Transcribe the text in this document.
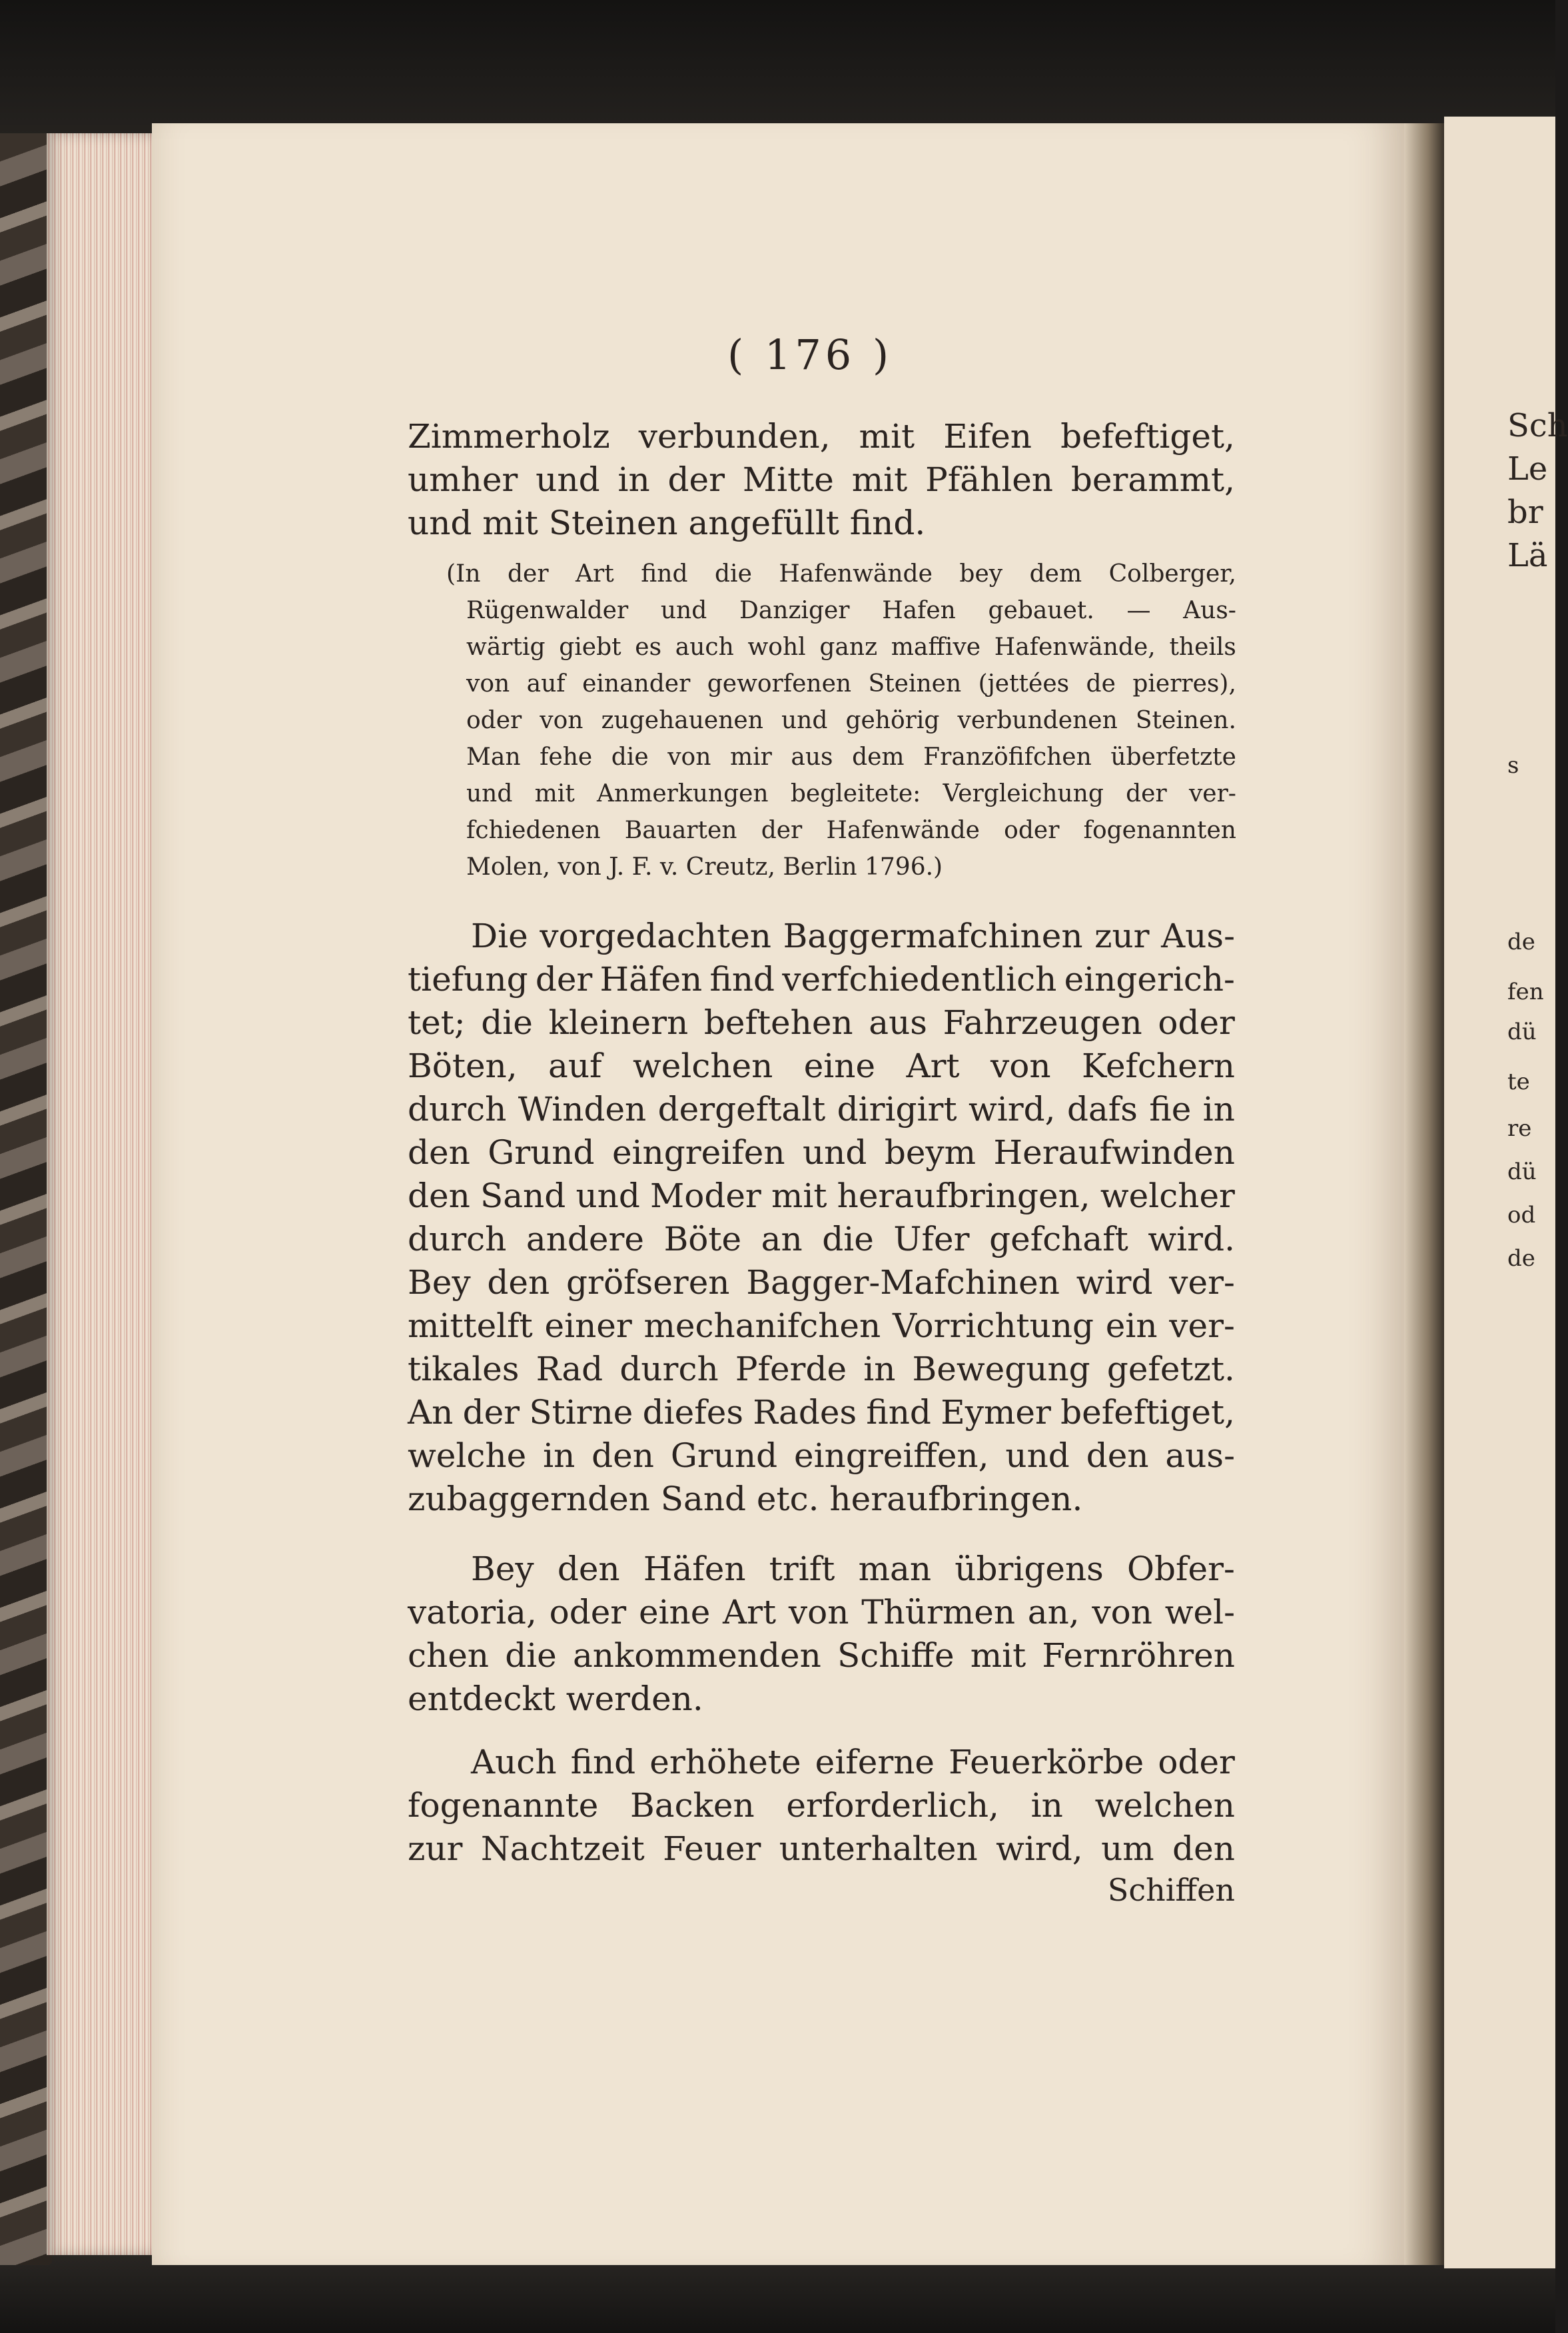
Sch
Le
br
Lä
s
de
fen
dü
te
re
dü
od
de
( 176 )
Zimmerholz verbunden, mit Eifen befeftiget,
umher und in der Mitte mit Pfählen berammt,
und mit Steinen angefüllt find.
(In der Art find die Hafenwände bey dem Colberger,
Rügenwalder und Danziger Hafen gebauet. — Aus-
wärtig giebt es auch wohl ganz maffive Hafenwände, theils
von auf einander geworfenen Steinen (jettées de pierres),
oder von zugehauenen und gehörig verbundenen Steinen.
Man fehe die von mir aus dem Franzöfifchen überfetzte
und mit Anmerkungen begleitete: Vergleichung der ver-
fchiedenen Bauarten der Hafenwände oder fogenannten
Molen, von J. F. v. Creutz, Berlin 1796.)
Die vorgedachten Baggermafchinen zur Aus-
tiefung der Häfen find verfchiedentlich eingerich-
tet; die kleinern beftehen aus Fahrzeugen oder
Böten, auf welchen eine Art von Kefchern
durch Winden dergeftalt dirigirt wird, dafs fie in
den Grund eingreifen und beym Heraufwinden
den Sand und Moder mit heraufbringen, welcher
durch andere Böte an die Ufer gefchaft wird.
Bey den gröfseren Bagger-Mafchinen wird ver-
mittelft einer mechanifchen Vorrichtung ein ver-
tikales Rad durch Pferde in Bewegung gefetzt.
An der Stirne diefes Rades find Eymer befeftiget,
welche in den Grund eingreiffen, und den aus-
zubaggernden Sand etc. heraufbringen.
Bey den Häfen trift man übrigens Obfer-
vatoria, oder eine Art von Thürmen an, von wel-
chen die ankommenden Schiffe mit Fernröhren
entdeckt werden.
Auch find erhöhete eiferne Feuerkörbe oder
fogenannte Backen erforderlich, in welchen
zur Nachtzeit Feuer unterhalten wird, um den
Schiffen
